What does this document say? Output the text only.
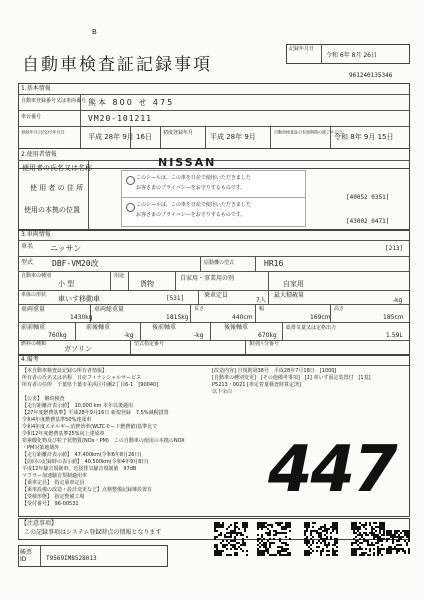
B
自動車検査証記録事項
記録年月日
令和 6年 8月 26日
961240135346
1.基本情報
自動車登録番号又は車両番号 熊本 800 せ 475
車台番号	VM20-101211
登録年月日/交付年月日
平成 28年 9月 16日 初度登録年月 平成 28年 9月
自動車検査証の有効期間の満了する日
令和 8年 9月 15日
2.使用者情報
使用者の氏名又は名称
使 用 者 の 住 所
使用の本拠の位置
NISSAN
このシールは、この車を日産で使用いただきました
お客さまのプライバシーをお守りするものです。
このシールは、この車を日産で使用いただきました
お客さまのプライバシーをお守りするものです。
[40052 0351]
[43002 0471]
3.車両情報
車名 ニッサン	[213]
型式 DBF-VM20改	原動機の型式	HR16
自動車の種別
小 型
用途
貨物
自家用・事業用の別
自家用
車体の形状 車いす移動車	[531]	乗車定員
7人
最大積載量
-kg
車両重量
1430kg
車両総重量
1815kg
長さ
440cm
幅
169cm
高さ
185cm
前前軸重
760kg
前後軸重
-kg
後前軸重
-kg
後後軸重
670kg
総排気量又は定格出力
1.59L
燃料の種類
ガソリン
型式指定番号	類別区分番号
4.備考
【本自動車検査証記録の所有者情報】
所有者の氏名又は名称　日産フィナンシャルサービス
所有者の住所　千葉県千葉市美浜区中瀬2丁目6-1　[90040]
【公害】　継続検査
【走行距離計表示値】　10,000 km 本年以後適用
【27年度燃費基準】平成28年9月16日 新規登録　7.5%減税措置
令和4年度燃費基準50%達成車
令和4年度エネルギー消費効率(WLTCモード燃費値)基準比で
令和12年度燃費基準25%向上達成車
窒素酸化物及び粒子状物質(NOx・PM)　この自動車の使用の本拠のNOX
・PM対策地域外
【走行距離計表示値】　47,400km(令和6年8月26日)
【前回の記録時の表示値】　40,500km(令和4年9月8日)
平成12年騒音規制車、近接排気騒音規制値　97dB
マフラー加速騒音規制適用車
【乗車定員】　指定乗車定員
【乗車設備の改造・設計変更など】点検整備記録簿設置有
【受検形態】　指定整備工場
【受付番号】　96-00531
[改造内容] 自規則第38号　平成28年7月18日　[1000]
[自動車の種別変更]　[その他備考事項]　[1] 車いす固定装置付　[1基]
P5213・0021 [車定着量検査時算定済]
以下余白
447
【注意事項】
この記録事項はシステム登録時点の情報となります
帳票ID	T9569IM8528013
